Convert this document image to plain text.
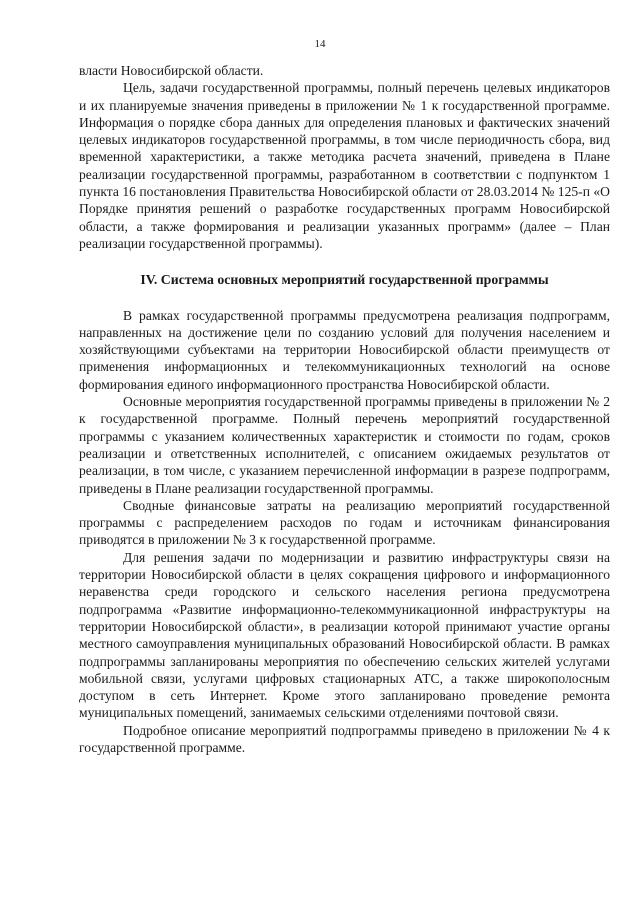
14

власти Новосибирской области.

Цель, задачи государственной программы, полный перечень целевых индикаторов и их планируемые значения приведены в приложении № 1 к государственной программе. Информация о порядке сбора данных для определения плановых и фактических значений целевых индикаторов государственной программы, в том числе периодичность сбора, вид временной характеристики, а также методика расчета значений, приведена в Плане реализации государственной программы, разработанном в соответствии с подпунктом 1 пункта 16 постановления Правительства Новосибирской области от 28.03.2014 № 125-п «О Порядке принятия решений о разработке государственных программ Новосибирской области, а также формирования и реализации указанных программ» (далее – План реализации государственной программы).

IV. Система основных мероприятий государственной программы

В рамках государственной программы предусмотрена реализация подпрограмм, направленных на достижение цели по созданию условий для получения населением и хозяйствующими субъектами на территории Новосибирской области преимуществ от применения информационных и телекоммуникационных технологий на основе формирования единого информационного пространства Новосибирской области.

Основные мероприятия государственной программы приведены в приложении № 2 к государственной программе. Полный перечень мероприятий государственной программы с указанием количественных характеристик и стоимости по годам, сроков реализации и ответственных исполнителей, с описанием ожидаемых результатов от реализации, в том числе, с указанием перечисленной информации в разрезе подпрограмм, приведены в Плане реализации государственной программы.

Сводные финансовые затраты на реализацию мероприятий государственной программы с распределением расходов по годам и источникам финансирования приводятся в приложении № 3 к государственной программе.

Для решения задачи по модернизации и развитию инфраструктуры связи на территории Новосибирской области в целях сокращения цифрового и информационного неравенства среди городского и сельского населения региона предусмотрена подпрограмма «Развитие информационно-телекоммуникационной инфраструктуры на территории Новосибирской области», в реализации которой принимают участие органы местного самоуправления муниципальных образований Новосибирской области. В рамках подпрограммы запланированы мероприятия по обеспечению сельских жителей услугами мобильной связи, услугами цифровых стационарных АТС, а также широкополосным доступом в сеть Интернет. Кроме этого запланировано проведение ремонта муниципальных помещений, занимаемых сельскими отделениями почтовой связи.

Подробное описание мероприятий подпрограммы приведено в приложении № 4 к государственной программе.
